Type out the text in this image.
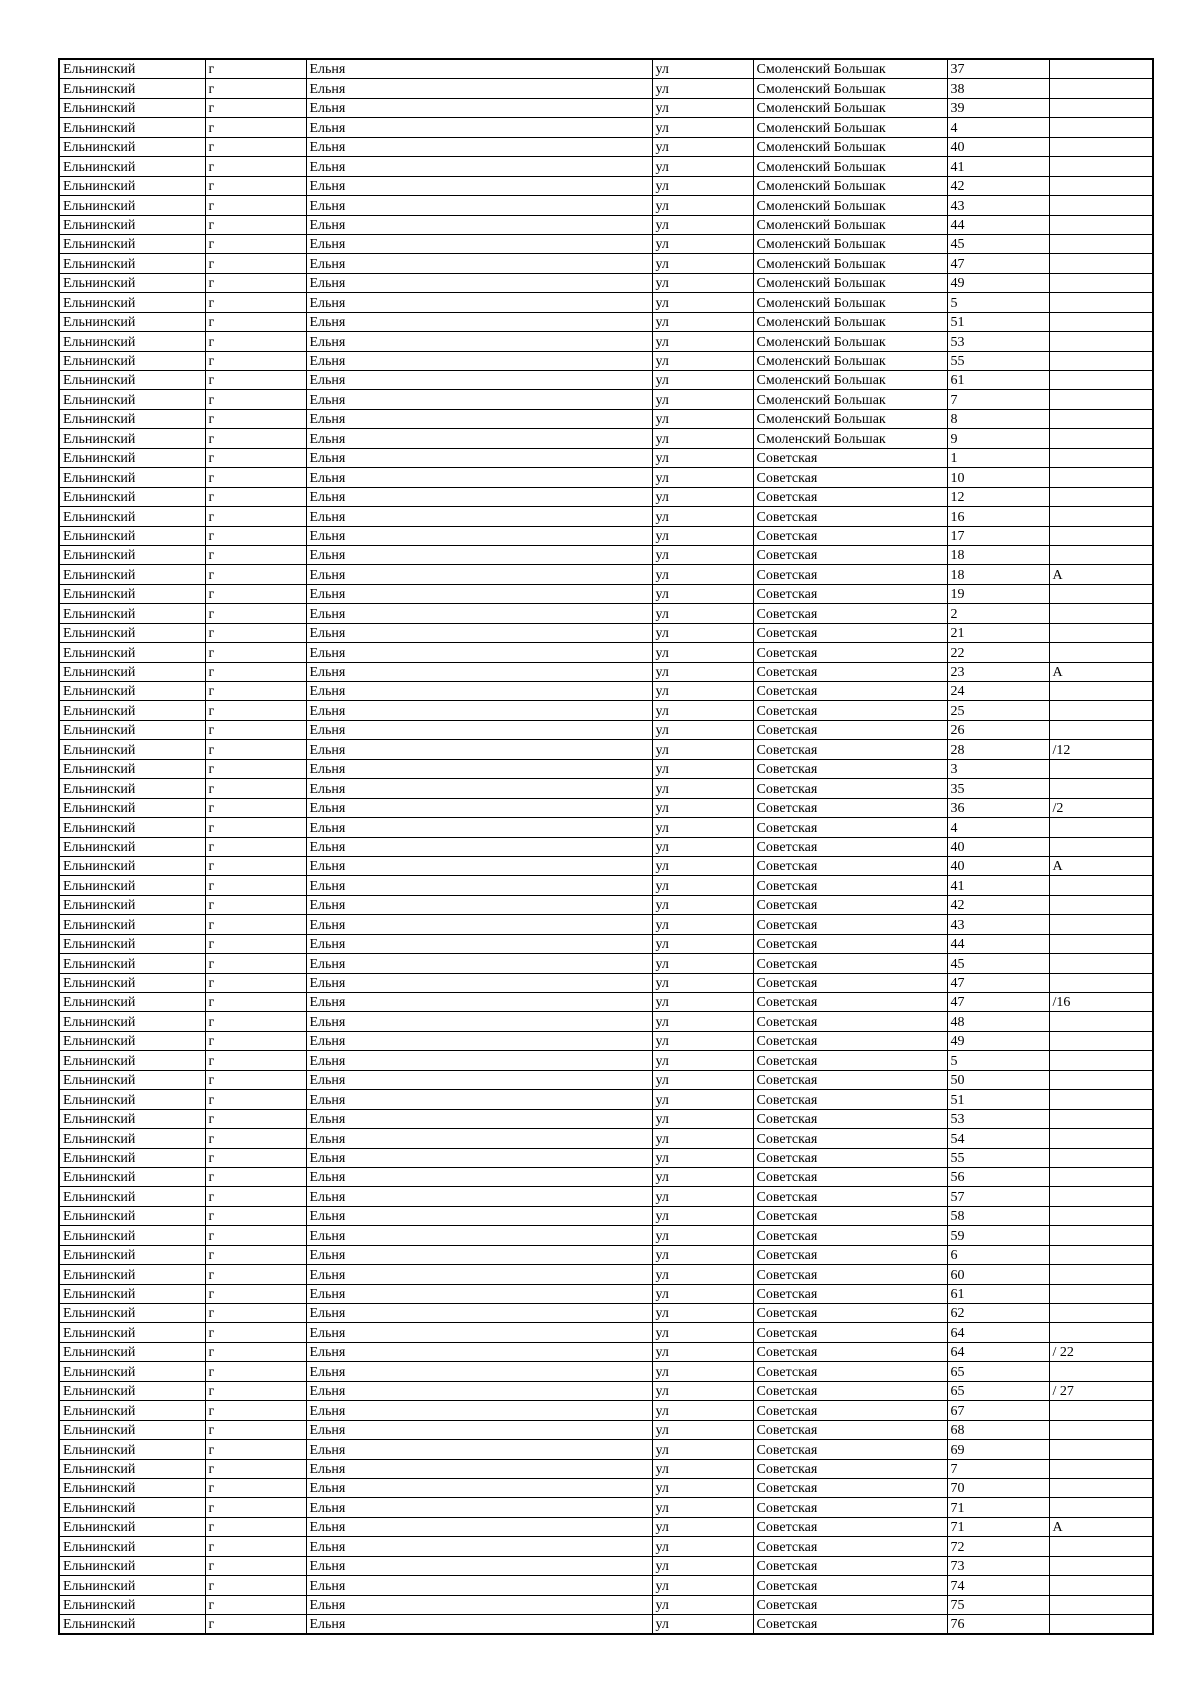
Ельнинский	г	Ельня	ул	Смоленский Большак	37	
Ельнинский	г	Ельня	ул	Смоленский Большак	38	
Ельнинский	г	Ельня	ул	Смоленский Большак	39	
Ельнинский	г	Ельня	ул	Смоленский Большак	4	
Ельнинский	г	Ельня	ул	Смоленский Большак	40	
Ельнинский	г	Ельня	ул	Смоленский Большак	41	
Ельнинский	г	Ельня	ул	Смоленский Большак	42	
Ельнинский	г	Ельня	ул	Смоленский Большак	43	
Ельнинский	г	Ельня	ул	Смоленский Большак	44	
Ельнинский	г	Ельня	ул	Смоленский Большак	45	
Ельнинский	г	Ельня	ул	Смоленский Большак	47	
Ельнинский	г	Ельня	ул	Смоленский Большак	49	
Ельнинский	г	Ельня	ул	Смоленский Большак	5	
Ельнинский	г	Ельня	ул	Смоленский Большак	51	
Ельнинский	г	Ельня	ул	Смоленский Большак	53	
Ельнинский	г	Ельня	ул	Смоленский Большак	55	
Ельнинский	г	Ельня	ул	Смоленский Большак	61	
Ельнинский	г	Ельня	ул	Смоленский Большак	7	
Ельнинский	г	Ельня	ул	Смоленский Большак	8	
Ельнинский	г	Ельня	ул	Смоленский Большак	9	
Ельнинский	г	Ельня	ул	Советская	1	
Ельнинский	г	Ельня	ул	Советская	10	
Ельнинский	г	Ельня	ул	Советская	12	
Ельнинский	г	Ельня	ул	Советская	16	
Ельнинский	г	Ельня	ул	Советская	17	
Ельнинский	г	Ельня	ул	Советская	18	
Ельнинский	г	Ельня	ул	Советская	18	А
Ельнинский	г	Ельня	ул	Советская	19	
Ельнинский	г	Ельня	ул	Советская	2	
Ельнинский	г	Ельня	ул	Советская	21	
Ельнинский	г	Ельня	ул	Советская	22	
Ельнинский	г	Ельня	ул	Советская	23	А
Ельнинский	г	Ельня	ул	Советская	24	
Ельнинский	г	Ельня	ул	Советская	25	
Ельнинский	г	Ельня	ул	Советская	26	
Ельнинский	г	Ельня	ул	Советская	28	/12
Ельнинский	г	Ельня	ул	Советская	3	
Ельнинский	г	Ельня	ул	Советская	35	
Ельнинский	г	Ельня	ул	Советская	36	/2
Ельнинский	г	Ельня	ул	Советская	4	
Ельнинский	г	Ельня	ул	Советская	40	
Ельнинский	г	Ельня	ул	Советская	40	А
Ельнинский	г	Ельня	ул	Советская	41	
Ельнинский	г	Ельня	ул	Советская	42	
Ельнинский	г	Ельня	ул	Советская	43	
Ельнинский	г	Ельня	ул	Советская	44	
Ельнинский	г	Ельня	ул	Советская	45	
Ельнинский	г	Ельня	ул	Советская	47	
Ельнинский	г	Ельня	ул	Советская	47	/16
Ельнинский	г	Ельня	ул	Советская	48	
Ельнинский	г	Ельня	ул	Советская	49	
Ельнинский	г	Ельня	ул	Советская	5	
Ельнинский	г	Ельня	ул	Советская	50	
Ельнинский	г	Ельня	ул	Советская	51	
Ельнинский	г	Ельня	ул	Советская	53	
Ельнинский	г	Ельня	ул	Советская	54	
Ельнинский	г	Ельня	ул	Советская	55	
Ельнинский	г	Ельня	ул	Советская	56	
Ельнинский	г	Ельня	ул	Советская	57	
Ельнинский	г	Ельня	ул	Советская	58	
Ельнинский	г	Ельня	ул	Советская	59	
Ельнинский	г	Ельня	ул	Советская	6	
Ельнинский	г	Ельня	ул	Советская	60	
Ельнинский	г	Ельня	ул	Советская	61	
Ельнинский	г	Ельня	ул	Советская	62	
Ельнинский	г	Ельня	ул	Советская	64	
Ельнинский	г	Ельня	ул	Советская	64	/ 22
Ельнинский	г	Ельня	ул	Советская	65	
Ельнинский	г	Ельня	ул	Советская	65	/ 27
Ельнинский	г	Ельня	ул	Советская	67	
Ельнинский	г	Ельня	ул	Советская	68	
Ельнинский	г	Ельня	ул	Советская	69	
Ельнинский	г	Ельня	ул	Советская	7	
Ельнинский	г	Ельня	ул	Советская	70	
Ельнинский	г	Ельня	ул	Советская	71	
Ельнинский	г	Ельня	ул	Советская	71	А
Ельнинский	г	Ельня	ул	Советская	72	
Ельнинский	г	Ельня	ул	Советская	73	
Ельнинский	г	Ельня	ул	Советская	74	
Ельнинский	г	Ельня	ул	Советская	75	
Ельнинский	г	Ельня	ул	Советская	76	
